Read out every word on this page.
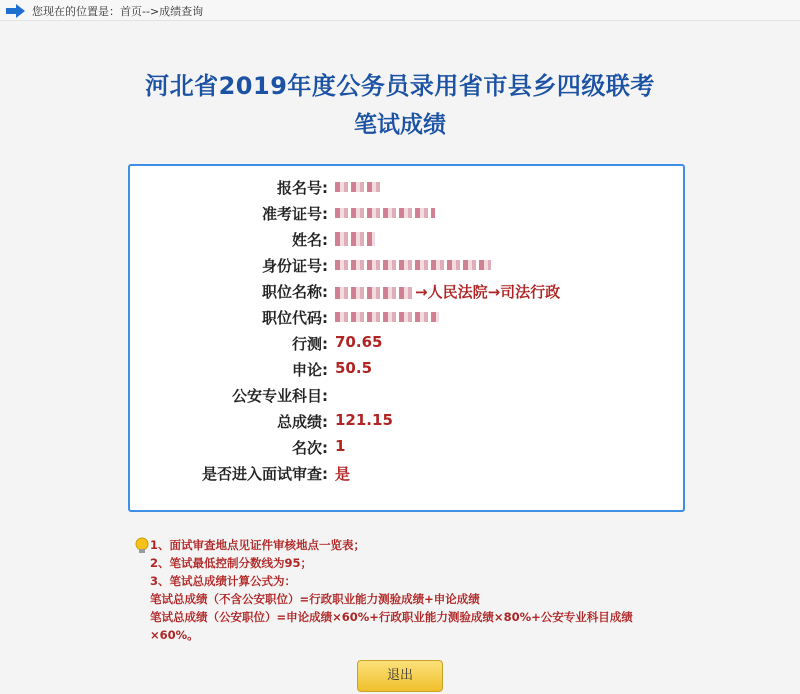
您现在的位置是：首页-->成绩查询
河北省2019年度公务员录用省市县乡四级联考
笔试成绩
报名号:
准考证号:
姓名:
身份证号:
职位名称:	→人民法院→司法行政
职位代码:
行测: 70.65
申论: 50.5
公安专业科目:
总成绩: 121.15
名次: 1
是否进入面试审查: 是
1、面试审查地点见证件审核地点一览表；
2、笔试最低控制分数线为95；
3、笔试总成绩计算公式为：
笔试总成绩（不含公安职位）=行政职业能力测验成绩+申论成绩
笔试总成绩（公安职位）=申论成绩×60%+行政职业能力测验成绩×80%+公安专业科目成绩×60%。
退出
